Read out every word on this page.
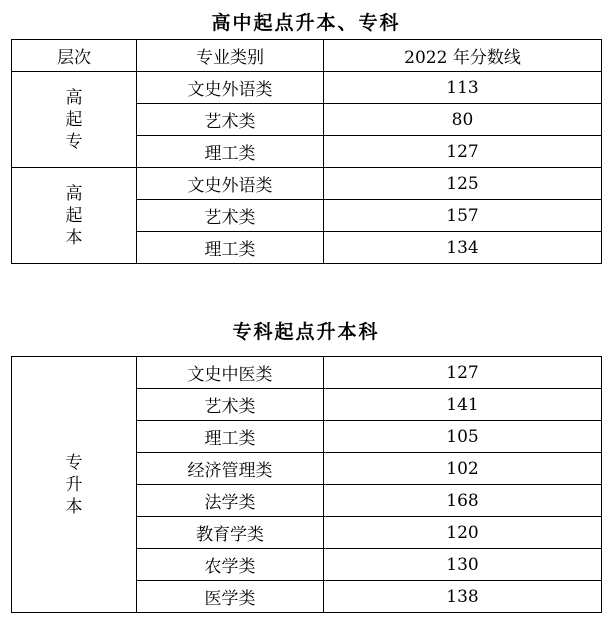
高中起点升本、专科
层次	专业类别	2022 年分数线

高
起
专	文史外语类	113
	艺术类	80
	理工类	127

高
起
本	文史外语类	125
	艺术类	157
	理工类	134
专科起点升本科
专
升
本	文史中医类	127
	艺术类	141
	理工类	105
	经济管理类	102
	法学类	168
	教育学类	120
	农学类	130
	医学类	138
